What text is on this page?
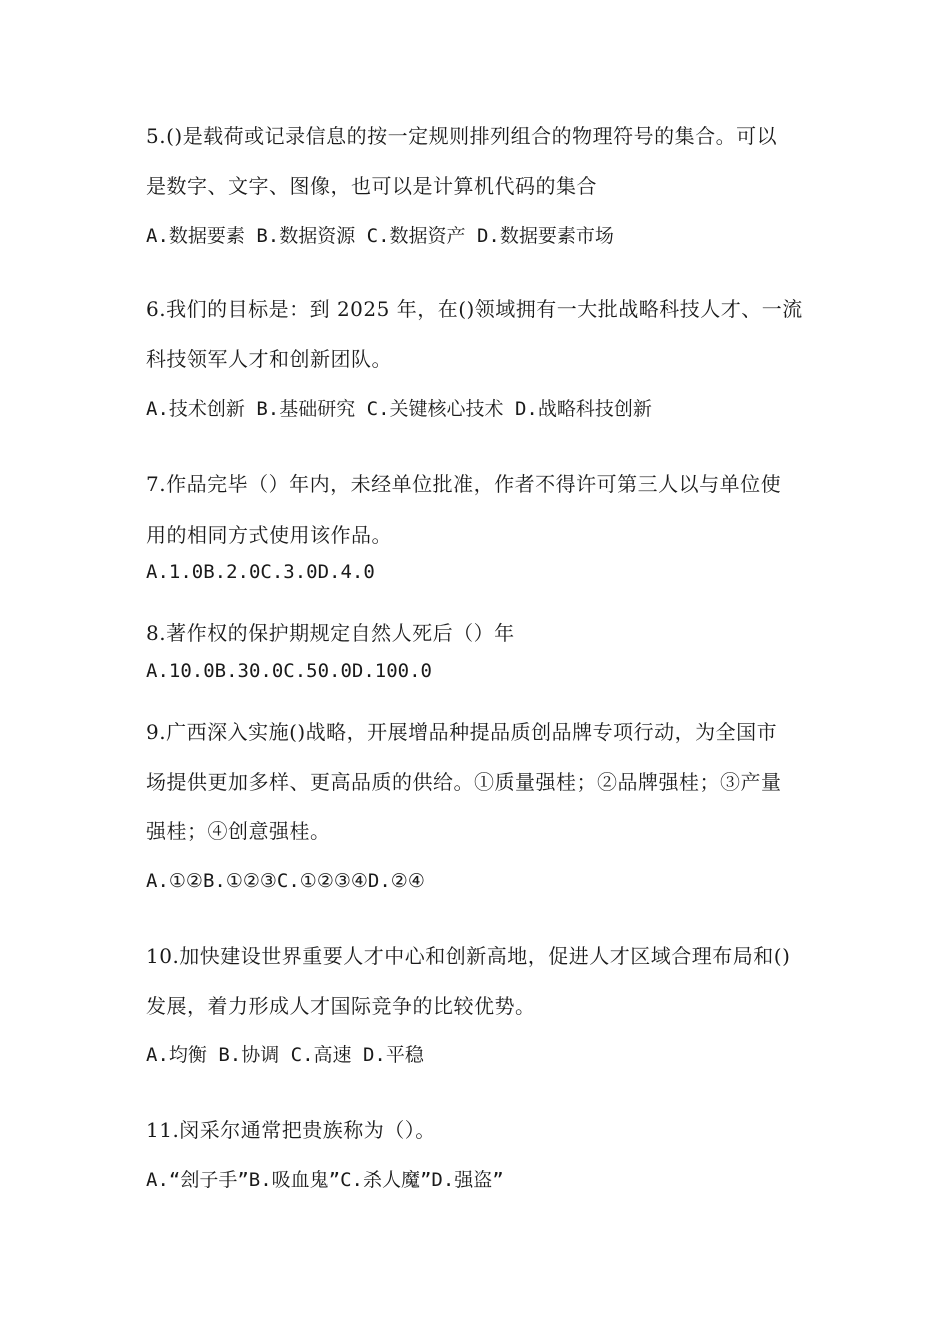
5.()是载荷或记录信息的按一定规则排列组合的物理符号的集合。可以
是数字、文字、图像，也可以是计算机代码的集合
A.数据要素 B.数据资源 C.数据资产 D.数据要素市场
6.我们的目标是：到 2025 年，在()领域拥有一大批战略科技人才、一流
科技领军人才和创新团队。
A.技术创新 B.基础研究 C.关键核心技术 D.战略科技创新
7.作品完毕（）年内，未经单位批准，作者不得许可第三人以与单位使
用的相同方式使用该作品。
A.1.0B.2.0C.3.0D.4.0
8.著作权的保护期规定自然人死后（）年
A.10.0B.30.0C.50.0D.100.0
9.广西深入实施()战略，开展增品种提品质创品牌专项行动，为全国市
场提供更加多样、更高品质的供给。①质量强桂；②品牌强桂；③产量
强桂；④创意强桂。
A.①②B.①②③C.①②③④D.②④
10.加快建设世界重要人才中心和创新高地，促进人才区域合理布局和()
发展，着力形成人才国际竞争的比较优势。
A.均衡 B.协调 C.高速 D.平稳
11.闵采尔通常把贵族称为（）。
A.“刽子手”B.吸血鬼”C.杀人魔”D.强盗”
